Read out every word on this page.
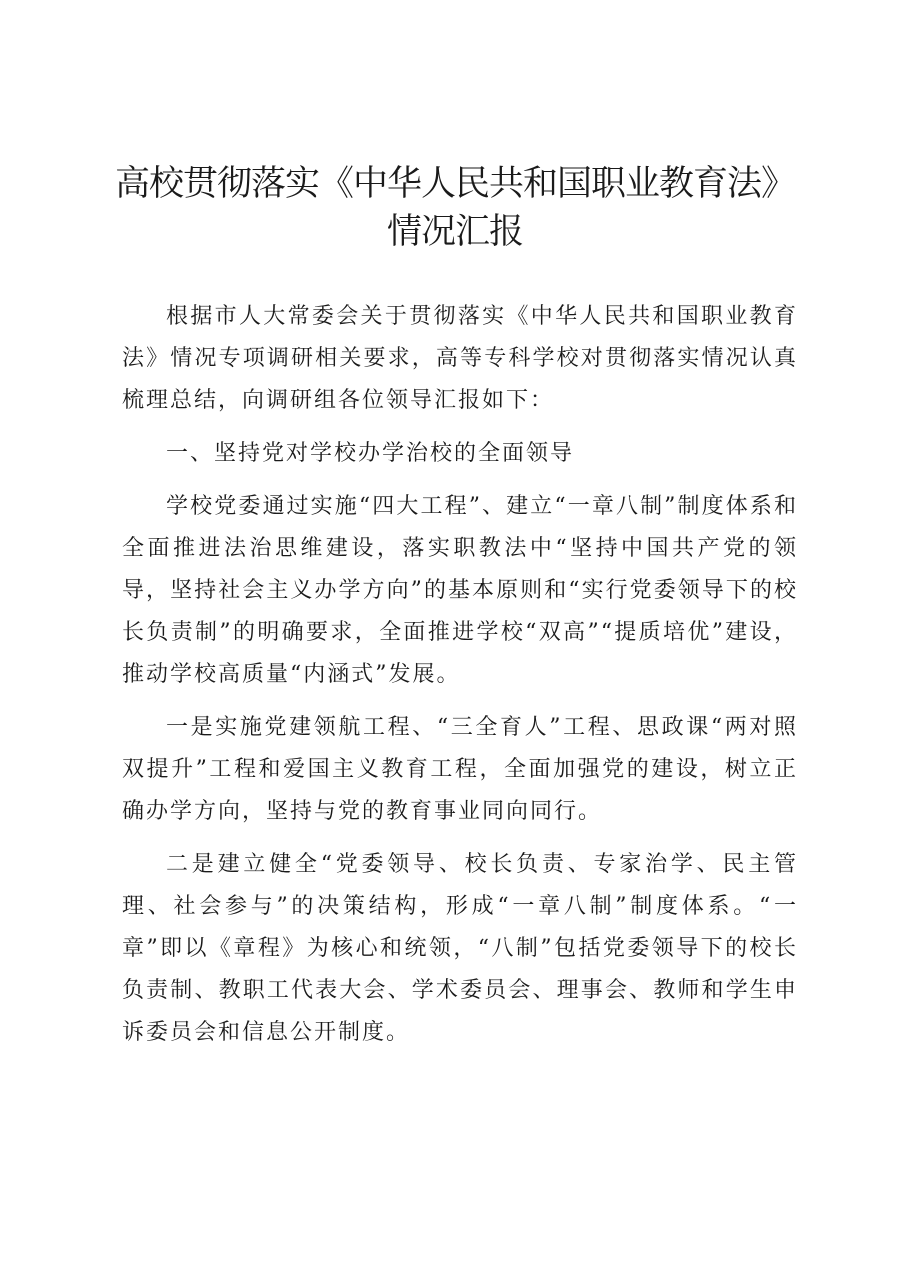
高校贯彻落实《中华人民共和国职业教育法》
情况汇报

根据市人大常委会关于贯彻落实《中华人民共和国职业教育法》情况专项调研相关要求，高等专科学校对贯彻落实情况认真梳理总结，向调研组各位领导汇报如下：

一、坚持党对学校办学治校的全面领导

学校党委通过实施“四大工程”、建立“一章八制”制度体系和全面推进法治思维建设，落实职教法中“坚持中国共产党的领导，坚持社会主义办学方向”的基本原则和“实行党委领导下的校长负责制”的明确要求，全面推进学校“双高”“提质培优”建设，推动学校高质量“内涵式”发展。

一是实施党建领航工程、“三全育人”工程、思政课“两对照双提升”工程和爱国主义教育工程，全面加强党的建设，树立正确办学方向，坚持与党的教育事业同向同行。

二是建立健全“党委领导、校长负责、专家治学、民主管理、社会参与”的决策结构，形成“一章八制”制度体系。“一章”即以《章程》为核心和统领，“八制”包括党委领导下的校长负责制、教职工代表大会、学术委员会、理事会、教师和学生申诉委员会和信息公开制度。
